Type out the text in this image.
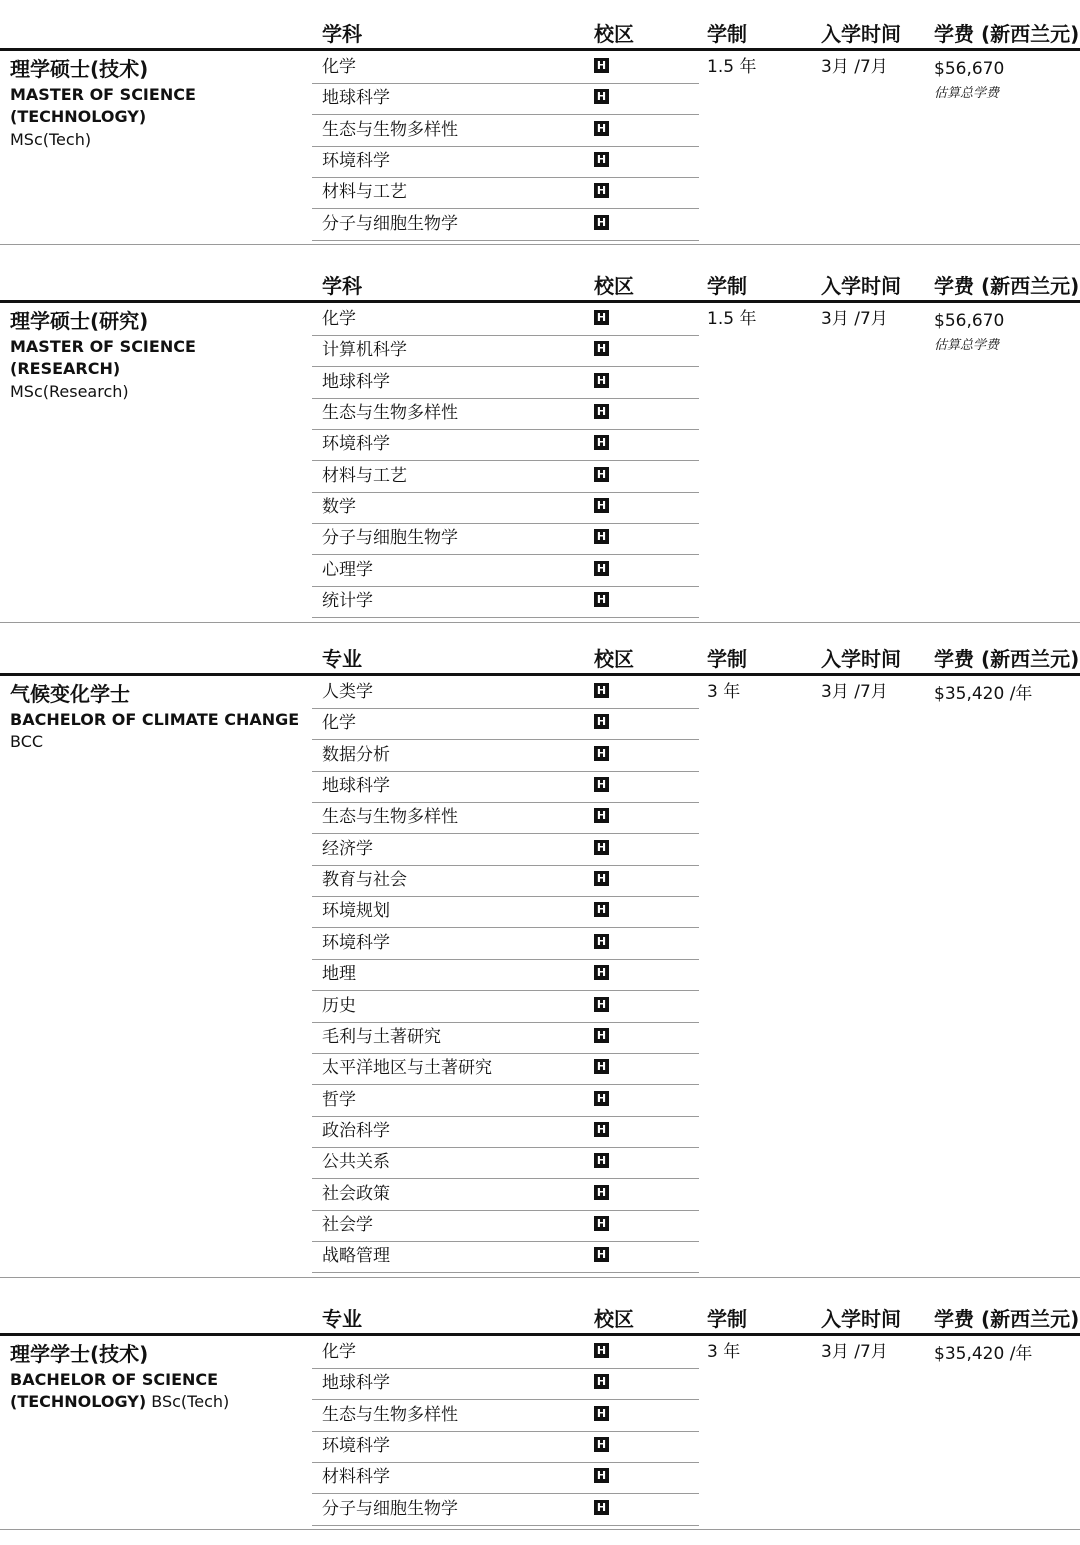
学科	校区	学制	入学时间 学费 (新西兰元)
理学硕士(技术)
MASTER OF SCIENCE (TECHNOLOGY)
MSc(Tech)
化学	H
地球科学	H
生态与生物多样性	H
环境科学	H
材料与工艺	H
分子与细胞生物学	H
1.5 年	3月 /7月	$56,670
估算总学费
学科	校区	学制	入学时间 学费 (新西兰元)
理学硕士(研究)
MASTER OF SCIENCE (RESEARCH)
MSc(Research)
化学	H
计算机科学	H
地球科学	H
生态与生物多样性	H
环境科学	H
材料与工艺	H
数学	H
分子与细胞生物学	H
心理学	H
统计学	H
1.5 年	3月 /7月	$56,670
估算总学费
专业	校区	学制	入学时间 学费 (新西兰元)
气候变化学士
BACHELOR OF CLIMATE CHANGE BCC
人类学	H
化学	H
数据分析	H
地球科学	H
生态与生物多样性	H
经济学	H
教育与社会	H
环境规划	H
环境科学	H
地理	H
历史	H
毛利与土著研究	H
太平洋地区与土著研究	H
哲学	H
政治科学	H
公共关系	H
社会政策	H
社会学	H
战略管理	H
3 年	3月 /7月	$35,420 /年
专业	校区	学制	入学时间 学费 (新西兰元)
理学学士(技术)
BACHELOR OF SCIENCE (TECHNOLOGY) BSc(Tech)
化学	H
地球科学	H
生态与生物多样性	H
环境科学	H
材料科学	H
分子与细胞生物学	H
3 年	3月 /7月	$35,420 /年
